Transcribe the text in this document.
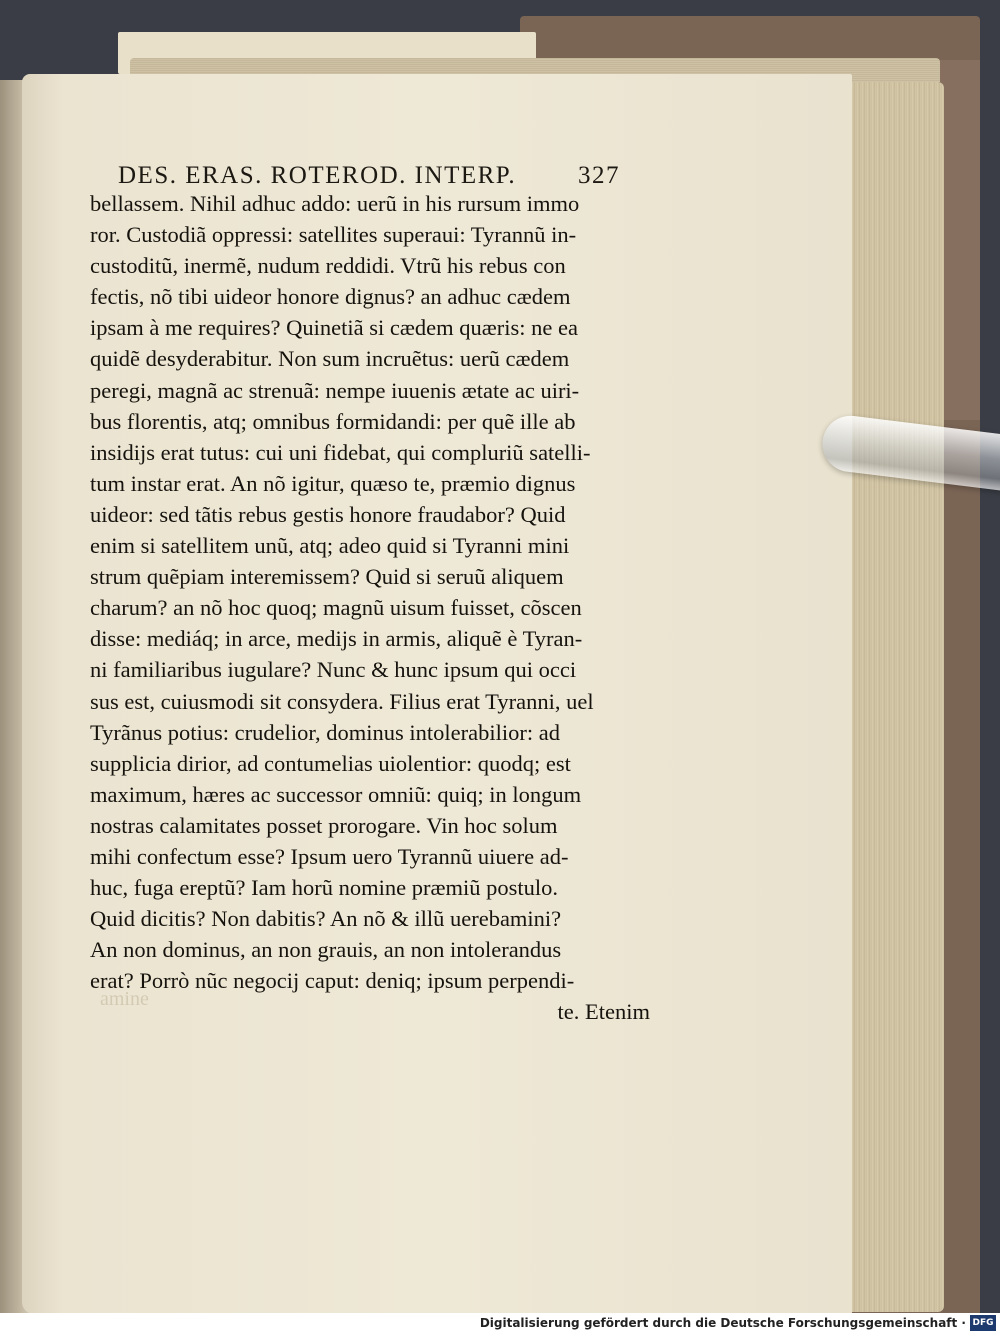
DES. ERAS. ROTEROD. INTERP. 327
bellassem. Nihil adhuc addo: uerũ in his rursum immo
ror. Custodiã oppressi: satellites superaui: Tyrannũ in-
custoditũ, inermẽ, nudum reddidi. Vtrũ his rebus con
fectis, nõ tibi uideor honore dignus? an adhuc cædem
ipsam à me requires? Quinetiã si cædem quæris: ne ea
quidẽ desyderabitur. Non sum incruẽtus: uerũ cædem
peregi, magnã ac strenuã: nempe iuuenis ætate ac uiri-
bus florentis, atq; omnibus formidandi: per quẽ ille ab
insidijs erat tutus: cui uni fidebat, qui compluriũ satelli-
tum instar erat. An nõ igitur, quæso te, præmio dignus
uideor: sed tãtis rebus gestis honore fraudabor? Quid
enim si satellitem unũ, atq; adeo quid si Tyranni mini
strum quẽpiam interemissem? Quid si seruũ aliquem
charum? an nõ hoc quoq; magnũ uisum fuisset, cõscen
disse: mediáq; in arce, medijs in armis, aliquẽ è Tyran-
ni familiaribus iugulare? Nunc & hunc ipsum qui occi
sus est, cuiusmodi sit consydera. Filius erat Tyranni, uel
Tyrãnus potius: crudelior, dominus intolerabilior: ad
supplicia dirior, ad contumelias uiolentior: quodq; est
maximum, hæres ac successor omniũ: quiq; in longum
nostras calamitates posset prorogare. Vin hoc solum
mihi confectum esse? Ipsum uero Tyrannũ uiuere ad-
huc, fuga ereptũ? Iam horũ nomine præmiũ postulo.
Quid dicitis? Non dabitis? An nõ & illũ uerebamini?
An non dominus, an non grauis, an non intolerandus
erat? Porrò nũc negocij caput: deniq; ipsum perpendi-
te. Etenim
amine
Digitalisierung gefördert durch die Deutsche Forschungsgemeinschaft · DFG
